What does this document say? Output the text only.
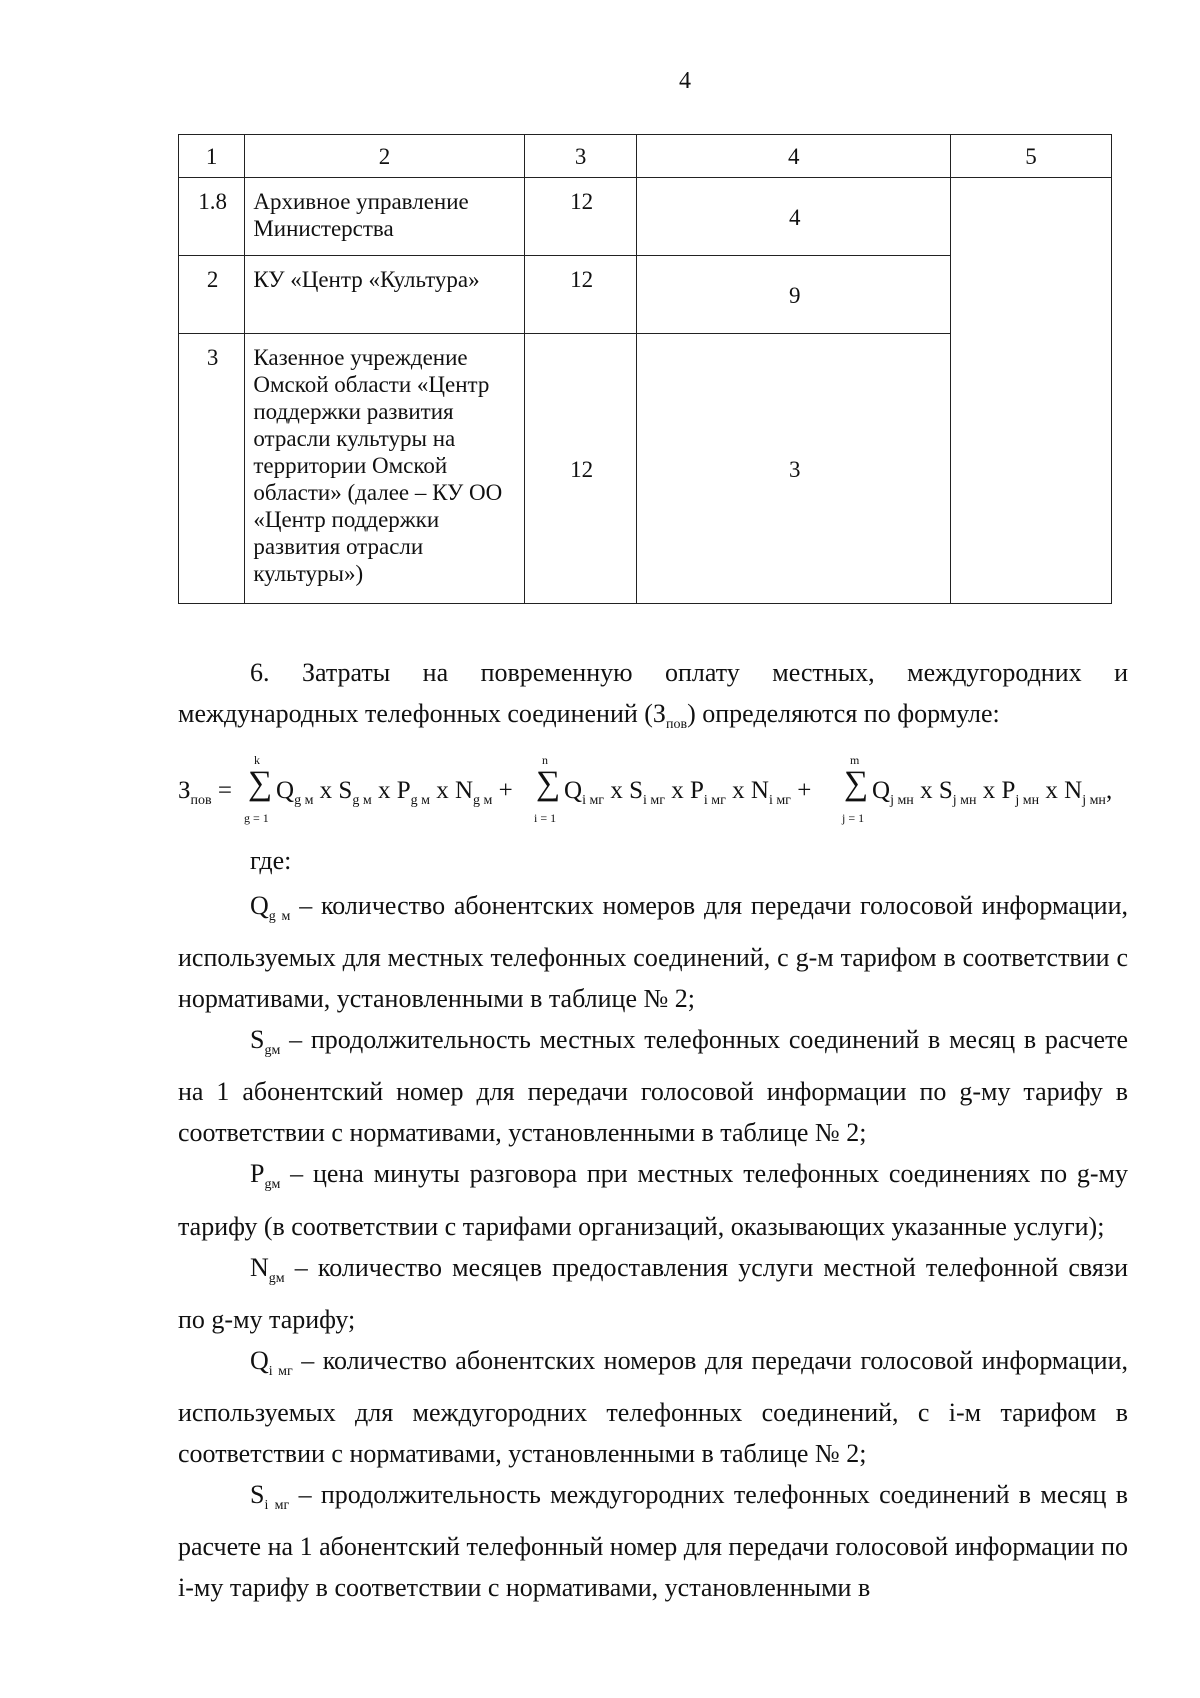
4
1	2	3	4	5
1.8	Архивное управление Министерства	12	4	
2	КУ «Центр «Культура»	12	9	
3	Казенное учреждение Омской области «Центр поддержки развития отрасли культуры на территории Омской области» (далее – КУ ОО «Центр поддержки развития отрасли культуры»)	12	3	

6. Затраты на повременную оплату местных, междугородних и международных телефонных соединений $(З_{пов})$ определяются по формуле:

$З_{пов}$ =
k
∑
g = 1
$Q_{g м}$ x $S_{g м}$ x $P_{g м}$ x $N_{g м}$ +
n
∑
i = 1
$Q_{i мг}$ x $S_{i мг}$ x $P_{i мг}$ x $N_{i мг}$ +
m
∑
j = 1
$Q_{j мн}$ x $S_{j мн}$ x $P_{j мн}$ x $N_{j мн}$,
где:

$Q_{g м}$ – количество абонентских номеров для передачи голосовой информации, используемых для местных телефонных соединений, с g-м тарифом в соответствии с нормативами, установленными в таблице № 2;

$S_{gм}$ – продолжительность местных телефонных соединений в месяц в расчете на 1 абонентский номер для передачи голосовой информации по g-му тарифу в соответствии с нормативами, установленными в таблице № 2;

$P_{gм}$ – цена минуты разговора при местных телефонных соединениях по g-му тарифу (в соответствии с тарифами организаций, оказывающих указанные услуги);

$N_{gм}$ – количество месяцев предоставления услуги местной телефонной связи по g-му тарифу;

$Q_{i мг}$ – количество абонентских номеров для передачи голосовой информации, используемых для междугородних телефонных соединений, с i-м тарифом в соответствии с нормативами, установленными в таблице № 2;

$S_{i мг}$ – продолжительность междугородних телефонных соединений в месяц в расчете на 1 абонентский телефонный номер для передачи голосовой информации по i-му тарифу в соответствии с нормативами, установленными в
